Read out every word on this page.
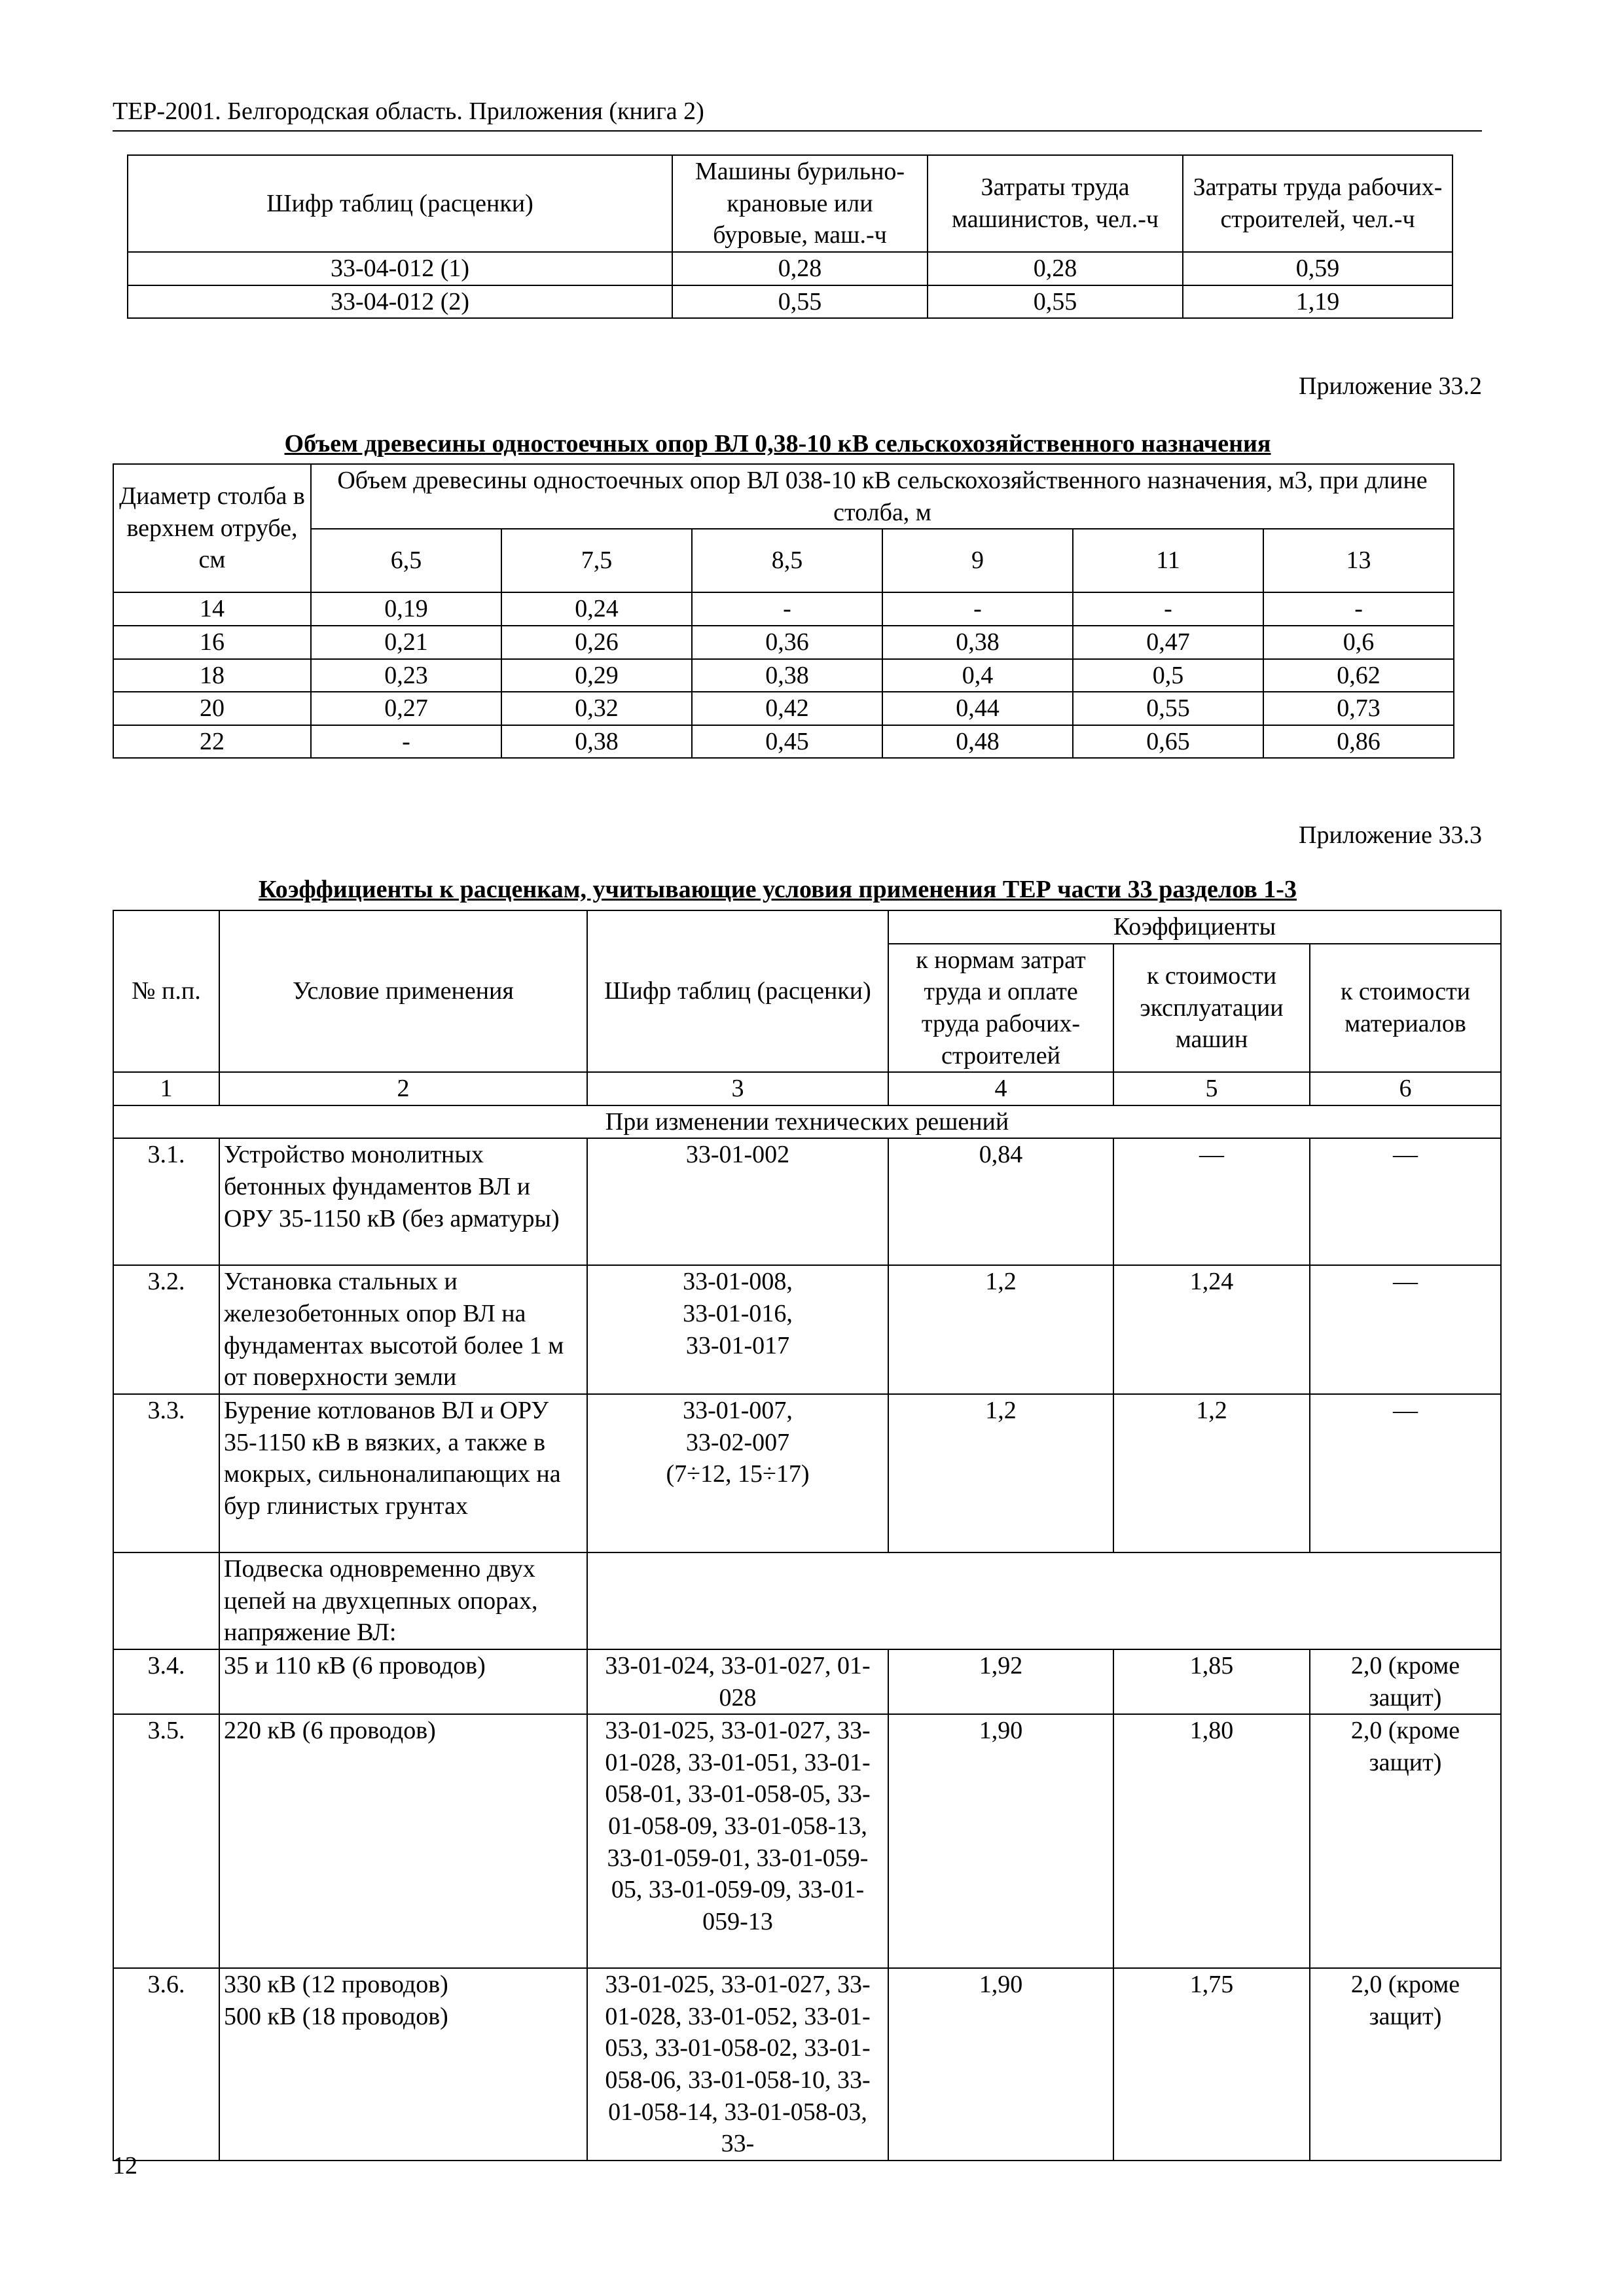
ТЕР-2001. Белгородская область. Приложения (книга 2)
Шифр таблиц (расценки)	Машины бурильно-крановые или буровые, маш.-ч	Затраты труда машинистов, чел.-ч	Затраты труда рабочих-строителей, чел.-ч
33-04-012 (1)	0,28	0,28	0,59
33-04-012 (2)	0,55	0,55	1,19
Приложение 33.2
Объем древесины одностоечных опор ВЛ 0,38-10 кВ сельскохозяйственного назначения
Диаметр столба в верхнем отрубе, см	Объем древесины одностоечных опор ВЛ 038-10 кВ сельскохозяйственного назначения, м3, при длине столба, м					
	6,5	7,5	8,5	9	11	13
14	0,19	0,24	-	-	-	-
16	0,21	0,26	0,36	0,38	0,47	0,6
18	0,23	0,29	0,38	0,4	0,5	0,62
20	0,27	0,32	0,42	0,44	0,55	0,73
22	-	0,38	0,45	0,48	0,65	0,86
Приложение 33.3
Коэффициенты к расценкам, учитывающие условия применения ТЕР части 33 разделов 1-3
№ п.п.	Условие применения	Шифр таблиц (расценки)	Коэффициенты		
			к нормам затрат труда и оплате труда рабочих-строителей	к стоимости эксплуатации машин	к стоимости материалов
1	2	3	4	5	6
При изменении технических решений					
3.1.	Устройство монолитных бетонных фундаментов ВЛ и ОРУ 35-1150 кВ (без арматуры)	33-01-002	0,84	—	—
3.2.	Установка стальных и железобетонных опор ВЛ на фундаментах высотой более 1 м от поверхности земли	33-01-008,
33-01-016,
33-01-017	1,2	1,24	—
3.3.	Бурение котлованов ВЛ и ОРУ 35-1150 кВ в вязких, а также в мокрых, сильноналипающих на бур глинистых грунтах	33-01-007,
33-02-007
(7÷12, 15÷17)	1,2	1,2	—
	Подвеска одновременно двух цепей на двухцепных опорах, напряжение ВЛ:				
3.4.	35 и 110 кВ (6 проводов)	33-01-024, 33-01-027, 01-028	1,92	1,85	2,0 (кроме защит)
3.5.	220 кВ (6 проводов)	33-01-025, 33-01-027, 33-01-028, 33-01-051, 33-01-058-01, 33-01-058-05, 33-01-058-09, 33-01-058-13, 33-01-059-01, 33-01-059-05, 33-01-059-09, 33-01-059-13	1,90	1,80	2,0 (кроме защит)
3.6.	330 кВ (12 проводов)
500 кВ (18 проводов)	33-01-025, 33-01-027, 33-01-028, 33-01-052, 33-01-053, 33-01-058-02, 33-01-058-06, 33-01-058-10, 33-01-058-14, 33-01-058-03, 33-	1,90	1,75	2,0 (кроме защит)
12
